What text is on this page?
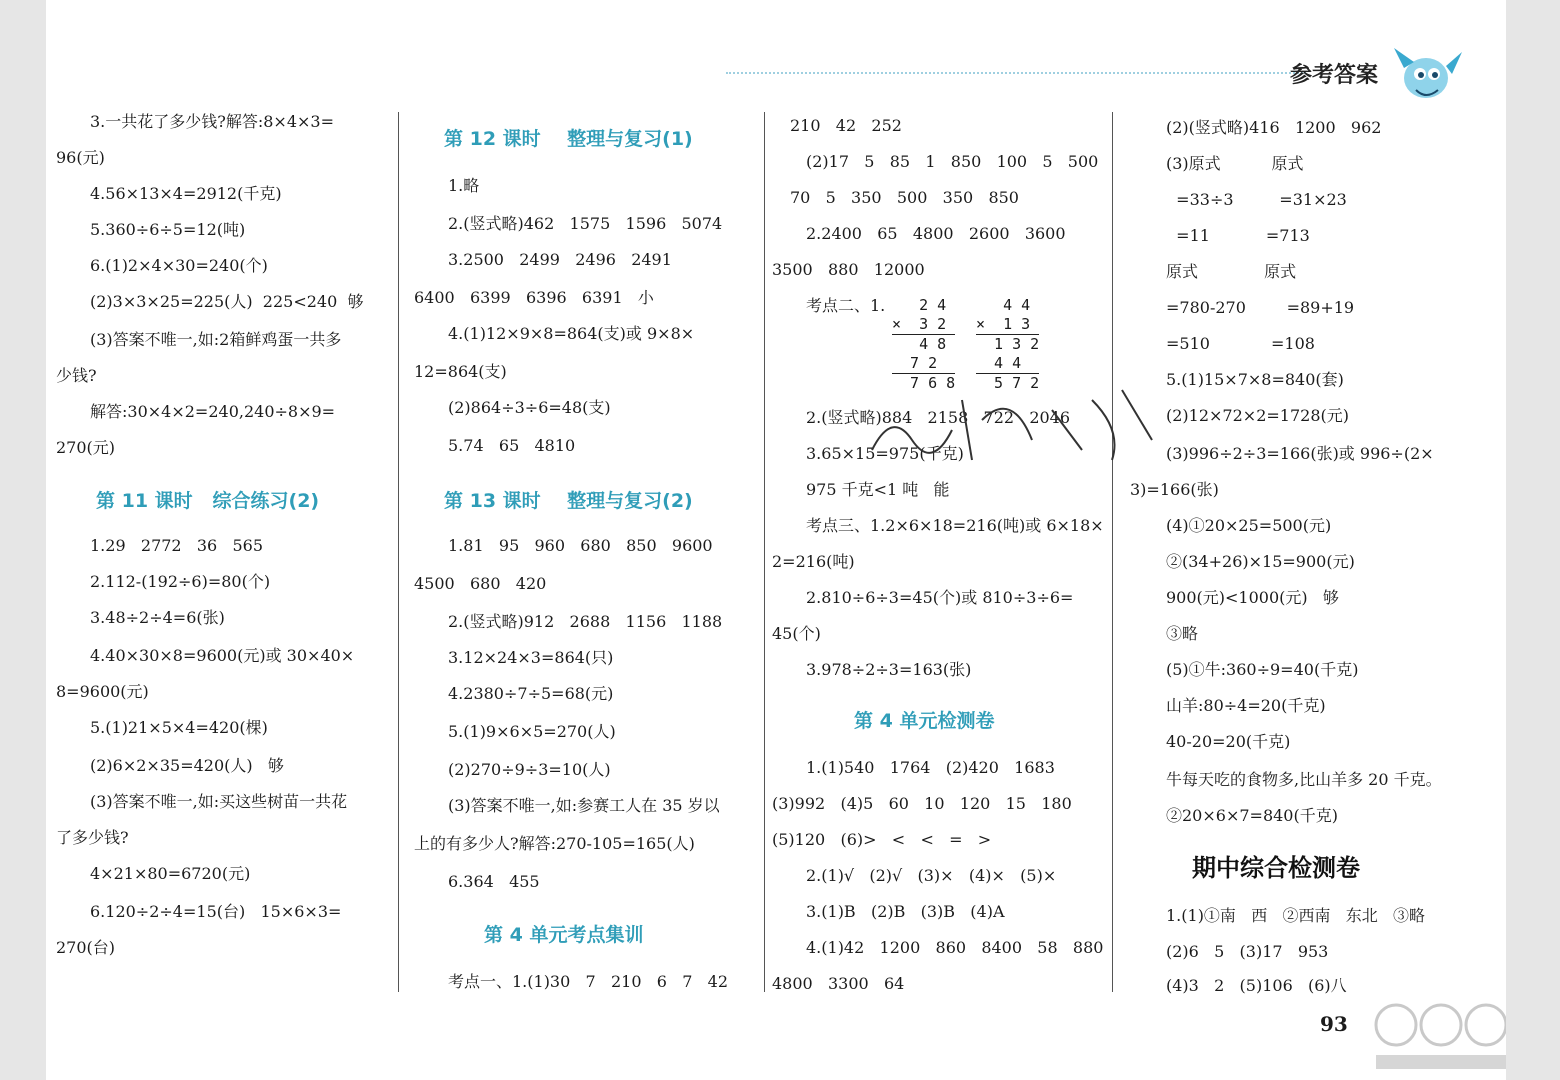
参考答案
3.一共花了多少钱?解答:8×4×3=
96(元)
4.56×13×4=2912(千克)
5.360÷6÷5=12(吨)
6.(1)2×4×30=240(个)
(2)3×3×25=225(人)  225<240  够
(3)答案不唯一,如:2箱鲜鸡蛋一共多
少钱?
解答:30×4×2=240,240÷8×9=
270(元)
第 11 课时   综合练习(2)
1.29   2772   36   565
2.112-(192÷6)=80(个)
3.48÷2÷4=6(张)
4.40×30×8=9600(元)或 30×40×
8=9600(元)
5.(1)21×5×4=420(棵)
(2)6×2×35=420(人)   够
(3)答案不唯一,如:买这些树苗一共花
了多少钱?
4×21×80=6720(元)
6.120÷2÷4=15(台)   15×6×3=
270(台)
第 12 课时    整理与复习(1)
1.略
2.(竖式略)462   1575   1596   5074
3.2500   2499   2496   2491
6400   6399   6396   6391   小
4.(1)12×9×8=864(支)或 9×8×
12=864(支)
(2)864÷3÷6=48(支)
5.74   65   4810
第 13 课时    整理与复习(2)
1.81   95   960   680   850   9600
4500   680   420
2.(竖式略)912   2688   1156   1188
3.12×24×3=864(只)
4.2380÷7÷5=68(元)
5.(1)9×6×5=270(人)
(2)270÷9÷3=10(人)
(3)答案不唯一,如:参赛工人在 35 岁以
上的有多少人?解答:270-105=165(人)
6.364   455
第 4 单元考点集训
考点一、1.(1)30   7   210   6   7   42
210   42   252
(2)17   5   85   1   850   100   5   500
70   5   350   500   350   850
2.2400   65   4800   2600   3600
3500   880   12000
考点二、1. 2 4
×  3 2
4 8
7 2
7 6 8
4 4
×  1 3
1 3 2
4 4
5 7 2
2.(竖式略)884   2158   722   2046
3.65×15=975(千克)
975 千克<1 吨   能
考点三、1.2×6×18=216(吨)或 6×18×
2=216(吨)
2.810÷6÷3=45(个)或 810÷3÷6=
45(个)
3.978÷2÷3=163(张)
第 4 单元检测卷
1.(1)540   1764   (2)420   1683
(3)992   (4)5   60   10   120   15   180
(5)120   (6)>   <   <   =   >
2.(1)√   (2)√   (3)×   (4)×   (5)×
3.(1)B   (2)B   (3)B   (4)A
4.(1)42   1200   860   8400   58   880
4800   3300   64
(2)(竖式略)416   1200   962
(3)原式          原式
=33÷3         =31×23
=11           =713
原式             原式
=780-270        =89+19
=510            =108
5.(1)15×7×8=840(套)
(2)12×72×2=1728(元)
(3)996÷2÷3=166(张)或 996÷(2×
3)=166(张)
(4)①20×25=500(元)
②(34+26)×15=900(元)
900(元)<1000(元)   够
③略
(5)①牛:360÷9=40(千克)
山羊:80÷4=20(千克)
40-20=20(千克)
牛每天吃的食物多,比山羊多 20 千克。
②20×6×7=840(千克)
期中综合检测卷
1.(1)①南   西   ②西南   东北   ③略
(2)6   5   (3)17   953
(4)3   2   (5)106   (6)八
93
